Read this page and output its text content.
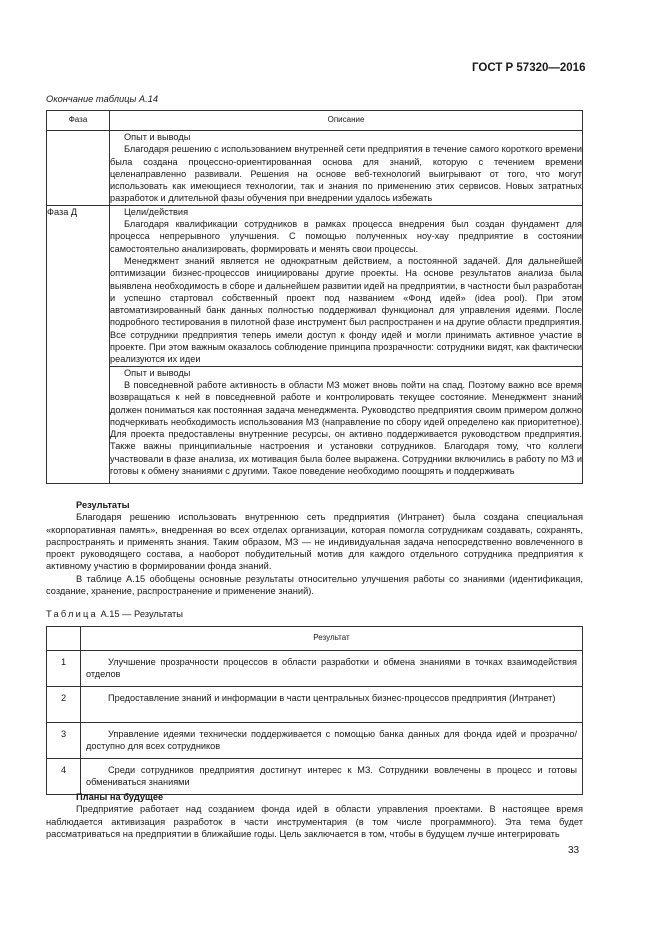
ГОСТ Р 57320—2016
Окончание таблицы А.14
Фаза	Описание

	Опыт и выводы

Благодаря решению с использованием внутренней сети предприятия в течение самого короткого времени была создана процессно-ориентированная основа для знаний, которую с течением времени целенаправленно развивали. Решения на основе веб-технологий выигрывают от того, что могут использовать как имеющиеся технологии, так и знания по применению этих сервисов. Новых затратных разработок и длительной фазы обучения при внедрении удалось избежать

Фаза Д	Цели/действия

Благодаря квалификации сотрудников в рамках процесса внедрения был создан фундамент для процесса непрерывного улучшения. С помощью полученных ноу-хау предприятие в состоянии самостоятельно анализировать, формировать и менять свои процессы.

Менеджмент знаний является не однократным действием, а постоянной задачей. Для дальнейшей оптимизации бизнес-процессов инициированы другие проекты. На основе результатов анализа была выявлена необходимость в сборе и дальнейшем развитии идей на предприятии, в частности был разработан и успешно стартовал собственный проект под названием «Фонд идей» (idea pool). При этом автоматизированный банк данных полностью поддерживал функционал для управления идеями. После подробного тестирования в пилотной фазе инструмент был распространен и на другие области предприятия. Все сотрудники предприятия теперь имели доступ к фонду идей и могли принимать активное участие в проекте. При этом важным оказалось соблюдение принципа прозрачности: сотрудники видят, как фактически реализуются их идеи

	Опыт и выводы

В повседневной работе активность в области МЗ может вновь пойти на спад. Поэтому важно все время возвращаться к ней в повседневной работе и контролировать текущее состояние. Менеджмент знаний должен пониматься как постоянная задача менеджмента. Руководство предприятия своим примером должно подчеркивать необходимость использования МЗ (направление по сбору идей определено как приоритетное). Для проекта предоставлены внутренние ресурсы, он активно поддерживается руководством предприятия. Также важны принципиальные настроения и установки сотрудников. Благодаря тому, что коллеги участвовали в фазе анализа, их мотивация была более выражена. Сотрудники включились в работу по МЗ и готовы к обмену знаниями с другими. Такое поведение необходимо поощрять и поддерживать

Результаты

Благодаря решению использовать внутреннюю сеть предприятия (Интранет) была создана специальная «корпоративная память», внедренная во всех отделах организации, которая помогла сотрудникам создавать, сохранять, распространять и применять знания. Таким образом, МЗ — не индивидуальная задача непосредственно вовлеченного в проект руководящего состава, а наоборот побудительный мотив для каждого отдельного сотрудника предприятия к активному участию в формировании фонда знаний.

В таблице А.15 обобщены основные результаты относительно улучшения работы со знаниями (идентификация, создание, хранение, распространение и применение знаний).

Таблица А.15 — Результаты
	Результат
1	Улучшение прозрачности процессов в области разработки и обмена знаниями в точках взаимодействия отделов
2	Предоставление знаний и информации в части центральных бизнес-процессов предприятия (Интранет)
3	Управление идеями технически поддерживается с помощью банка данных для фонда идей и прозрачно/доступно для всех сотрудников
4	Среди сотрудников предприятия достигнут интерес к МЗ. Сотрудники вовлечены в процесс и готовы обмениваться знаниями

Планы на будущее

Предприятие работает над созданием фонда идей в области управления проектами. В настоящее время наблюдается активизация разработок в части инструментария (в том числе программного). Эта тема будет рассматриваться на предприятии в ближайшие годы. Цель заключается в том, чтобы в будущем лучше интегрировать

33
